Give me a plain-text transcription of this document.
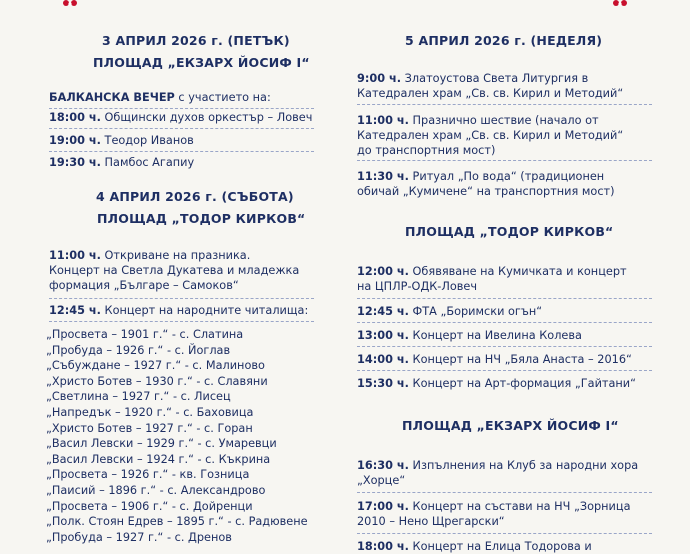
3 АПРИЛ 2026 г. (ПЕТЪК)
ПЛОЩАД „ЕКЗАРХ ЙОСИФ I“
БАЛКАНСКА ВЕЧЕР с участието на:
18:00 ч. Общински духов оркестър – Ловеч
19:00 ч. Теодор Иванов
19:30 ч. Памбос Агапиу
4 АПРИЛ 2026 г. (СЪБОТА)
ПЛОЩАД „ТОДОР КИРКОВ“
11:00 ч. Откриване на празника.
Концерт на Светла Дукатева и младежка
формация „Българе – Самоков“
12:45 ч. Концерт на народните читалища:
„Просвета – 1901 г.“ - с. Слатина
„Пробуда – 1926 г.“ - с. Йоглав
„Събуждане – 1927 г.“ - с. Малиново
„Христо Ботев – 1930 г.“ - с. Славяни
„Светлина – 1927 г.“ - с. Лисец
„Напредък – 1920 г.“ - с. Баховица
„Христо Ботев – 1927 г.“ - с. Горан
„Васил Левски – 1929 г.“ - с. Умаревци
„Васил Левски – 1924 г.“ - с. Къкрина
„Просвета – 1926 г.“ - кв. Гозница
„Паисий – 1896 г.“ - с. Александрово
„Просвета – 1906 г.“ - с. Дойренци
„Полк. Стоян Едрев – 1895 г.“ - с. Радювене
„Пробуда – 1927 г.“ - с. Дренов
5 АПРИЛ 2026 г. (НЕДЕЛЯ)
9:00 ч. Златоустова Света Литургия в
Катедрален храм „Св. св. Кирил и Методий“
11:00 ч. Празнично шествие (начало от
Катедрален храм „Св. св. Кирил и Методий“
до транспортния мост)
11:30 ч. Ритуал „По вода“ (традиционен
обичай „Кумичене“ на транспортния мост)
ПЛОЩАД „ТОДОР КИРКОВ“
12:00 ч. Обявяване на Кумичката и концерт
на ЦПЛР-ОДК-Ловеч
12:45 ч. ФТА „Боримски огън“
13:00 ч. Концерт на Ивелина Колева
14:00 ч. Концерт на НЧ „Бяла Анаста – 2016“
15:30 ч. Концерт на Арт-формация „Гайтани“
ПЛОЩАД „ЕКЗАРХ ЙОСИФ I“
16:30 ч. Изпълнения на Клуб за народни хора
„Хорце“
17:00 ч. Концерт на състави на НЧ „Зорница
2010 – Нено Щрегарски“
18:00 ч. Концерт на Елица Тодорова и
